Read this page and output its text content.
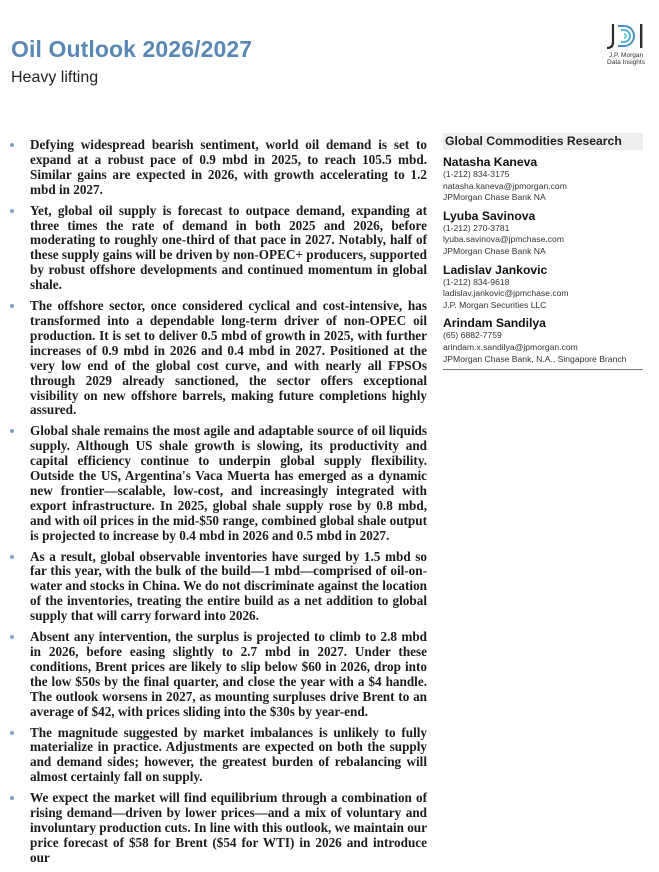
Oil Outlook 2026/2027
Heavy lifting
J.P. Morgan
Data Insights
Defying widespread bearish sentiment, world oil demand is set to expand at a robust pace of 0.9 mbd in 2025, to reach 105.5 mbd. Similar gains are expected in 2026, with growth accelerating to 1.2 mbd in 2027.
Yet, global oil supply is forecast to outpace demand, expanding at three times the rate of demand in both 2025 and 2026, before moderating to roughly one-third of that pace in 2027. Notably, half of these supply gains will be driven by non-OPEC+ producers, supported by robust offshore developments and continued momentum in global shale.
The offshore sector, once considered cyclical and cost-intensive, has transformed into a dependable long-term driver of non-OPEC oil production. It is set to deliver 0.5 mbd of growth in 2025, with further increases of 0.9 mbd in 2026 and 0.4 mbd in 2027. Positioned at the very low end of the global cost curve, and with nearly all FPSOs through 2029 already sanctioned, the sector offers exceptional visibility on new offshore barrels, making future completions highly assured.
Global shale remains the most agile and adaptable source of oil liquids supply. Although US shale growth is slowing, its productivity and capital efficiency continue to underpin global supply flexibility. Outside the US, Argentina's Vaca Muerta has emerged as a dynamic new frontier—scalable, low-cost, and increasingly integrated with export infrastructure. In 2025, global shale supply rose by 0.8 mbd, and with oil prices in the mid-$50 range, combined global shale output is projected to increase by 0.4 mbd in 2026 and 0.5 mbd in 2027.
As a result, global observable inventories have surged by 1.5 mbd so far this year, with the bulk of the build—1 mbd—comprised of oil-on-water and stocks in China. We do not discriminate against the location of the inventories, treating the entire build as a net addition to global supply that will carry forward into 2026.
Absent any intervention, the surplus is projected to climb to 2.8 mbd in 2026, before easing slightly to 2.7 mbd in 2027. Under these conditions, Brent prices are likely to slip below $60 in 2026, drop into the low $50s by the final quarter, and close the year with a $4 handle. The outlook worsens in 2027, as mounting surpluses drive Brent to an average of $42, with prices sliding into the $30s by year-end.
The magnitude suggested by market imbalances is unlikely to fully materialize in practice. Adjustments are expected on both the supply and demand sides; however, the greatest burden of rebalancing will almost certainly fall on supply.
We expect the market will find equilibrium through a combination of rising demand—driven by lower prices—and a mix of voluntary and involuntary production cuts. In line with this outlook, we maintain our price forecast of $58 for Brent ($54 for WTI) in 2026 and introduce our
Global Commodities Research
Natasha Kaneva
(1-212) 834-3175
natasha.kaneva@jpmorgan.com
JPMorgan Chase Bank NA
Lyuba Savinova
(1-212) 270-3781
lyuba.savinova@jpmchase.com
JPMorgan Chase Bank NA
Ladislav Jankovic
(1-212) 834-9618
ladislav.jankovic@jpmchase.com
J.P. Morgan Securities LLC
Arindam Sandilya
(65) 6882-7759
arindam.x.sandilya@jpmorgan.com
JPMorgan Chase Bank, N.A., Singapore Branch
